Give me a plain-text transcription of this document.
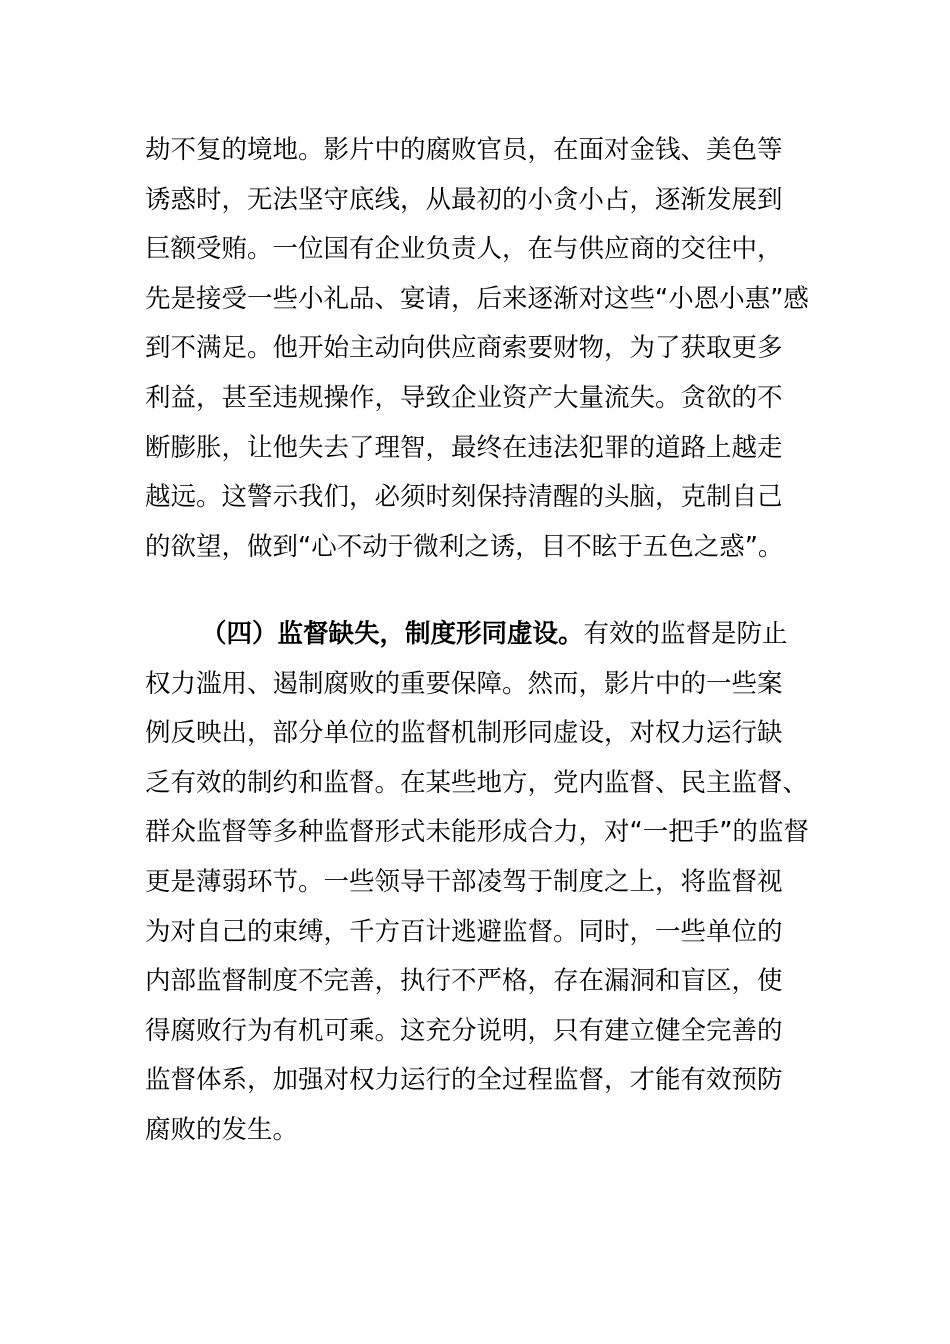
劫不复的境地。影片中的腐败官员，在面对金钱、美色等
诱惑时，无法坚守底线，从最初的小贪小占，逐渐发展到
巨额受贿。一位国有企业负责人，在与供应商的交往中，
先是接受一些小礼品、宴请，后来逐渐对这些“小恩小惠”感
到不满足。他开始主动向供应商索要财物，为了获取更多
利益，甚至违规操作，导致企业资产大量流失。贪欲的不
断膨胀，让他失去了理智，最终在违法犯罪的道路上越走
越远。这警示我们，必须时刻保持清醒的头脑，克制自己
的欲望，做到“心不动于微利之诱，目不眩于五色之惑”。
（四）监督缺失，制度形同虚设。有效的监督是防止
权力滥用、遏制腐败的重要保障。然而，影片中的一些案
例反映出，部分单位的监督机制形同虚设，对权力运行缺
乏有效的制约和监督。在某些地方，党内监督、民主监督、
群众监督等多种监督形式未能形成合力，对“一把手”的监督
更是薄弱环节。一些领导干部凌驾于制度之上，将监督视
为对自己的束缚，千方百计逃避监督。同时，一些单位的
内部监督制度不完善，执行不严格，存在漏洞和盲区，使
得腐败行为有机可乘。这充分说明，只有建立健全完善的
监督体系，加强对权力运行的全过程监督，才能有效预防
腐败的发生。
